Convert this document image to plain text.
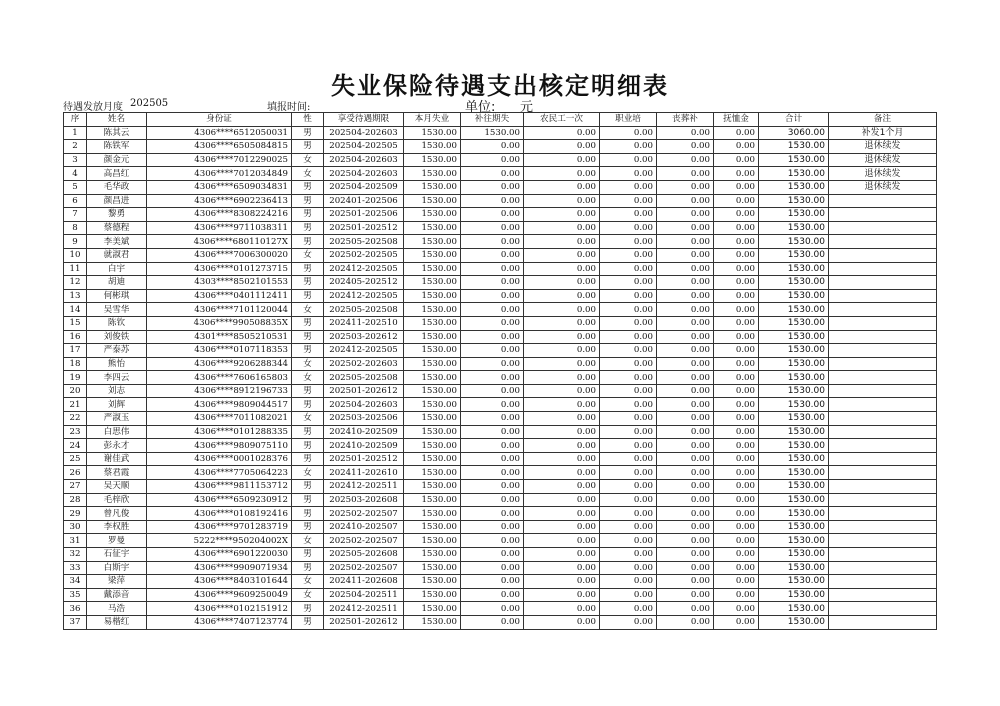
失业保险待遇支出核定明细表
待遇发放月度 202505	填报时间:	单位: 元
序	姓名	身份证	性	享受待遇期限	本月失业	补往期失	农民工一次	职业培	丧葬补	抚恤金	合计	备注
1	陈其云	4306****6512050031	男	202504-202603	1530.00	1530.00	0.00	0.00	0.00	0.00	3060.00	补发1个月
2	陈铁军	4306****6505084815	男	202504-202505	1530.00	0.00	0.00	0.00	0.00	0.00	1530.00	退休续发
3	颜金元	4306****7012290025	女	202504-202603	1530.00	0.00	0.00	0.00	0.00	0.00	1530.00	退休续发
4	高昌红	4306****7012034849	女	202504-202603	1530.00	0.00	0.00	0.00	0.00	0.00	1530.00	退休续发
5	毛华政	4306****6509034831	男	202504-202509	1530.00	0.00	0.00	0.00	0.00	0.00	1530.00	退休续发
6	颜昌进	4306****6902236413	男	202401-202506	1530.00	0.00	0.00	0.00	0.00	0.00	1530.00	
7	黎勇	4306****8308224216	男	202501-202506	1530.00	0.00	0.00	0.00	0.00	0.00	1530.00	
8	蔡德程	4306****9711038311	男	202501-202512	1530.00	0.00	0.00	0.00	0.00	0.00	1530.00	
9	李美斌	4306****680110127X	男	202505-202508	1530.00	0.00	0.00	0.00	0.00	0.00	1530.00	
10	就淑君	4306****7006300020	女	202502-202505	1530.00	0.00	0.00	0.00	0.00	0.00	1530.00	
11	白宇	4306****0101273715	男	202412-202505	1530.00	0.00	0.00	0.00	0.00	0.00	1530.00	
12	胡迪	4303****8502101553	男	202405-202512	1530.00	0.00	0.00	0.00	0.00	0.00	1530.00	
13	何彬琪	4306****0401112411	男	202412-202505	1530.00	0.00	0.00	0.00	0.00	0.00	1530.00	
14	吴雪华	4306****7101120044	女	202505-202508	1530.00	0.00	0.00	0.00	0.00	0.00	1530.00	
15	陈钦	4306****990508835X	男	202411-202510	1530.00	0.00	0.00	0.00	0.00	0.00	1530.00	
16	刘俊铁	4301****8505210531	男	202503-202612	1530.00	0.00	0.00	0.00	0.00	0.00	1530.00	
17	严泰苏	4306****0107118353	男	202412-202505	1530.00	0.00	0.00	0.00	0.00	0.00	1530.00	
18	熊怡	4306****9206288344	女	202502-202603	1530.00	0.00	0.00	0.00	0.00	0.00	1530.00	
19	李四云	4306****7606165803	女	202505-202508	1530.00	0.00	0.00	0.00	0.00	0.00	1530.00	
20	刘志	4306****8912196733	男	202501-202612	1530.00	0.00	0.00	0.00	0.00	0.00	1530.00	
21	刘辉	4306****9809044517	男	202504-202603	1530.00	0.00	0.00	0.00	0.00	0.00	1530.00	
22	严淑玉	4306****7011082021	女	202503-202506	1530.00	0.00	0.00	0.00	0.00	0.00	1530.00	
23	白思伟	4306****0101288335	男	202410-202509	1530.00	0.00	0.00	0.00	0.00	0.00	1530.00	
24	彭永才	4306****9809075110	男	202410-202509	1530.00	0.00	0.00	0.00	0.00	0.00	1530.00	
25	谢佳武	4306****0001028376	男	202501-202512	1530.00	0.00	0.00	0.00	0.00	0.00	1530.00	
26	蔡君霞	4306****7705064223	女	202411-202610	1530.00	0.00	0.00	0.00	0.00	0.00	1530.00	
27	吴天顺	4306****9811153712	男	202412-202511	1530.00	0.00	0.00	0.00	0.00	0.00	1530.00	
28	毛梓欣	4306****6509230912	男	202503-202608	1530.00	0.00	0.00	0.00	0.00	0.00	1530.00	
29	曾凡俊	4306****0108192416	男	202502-202507	1530.00	0.00	0.00	0.00	0.00	0.00	1530.00	
30	李权胜	4306****9701283719	男	202410-202507	1530.00	0.00	0.00	0.00	0.00	0.00	1530.00	
31	罗曼	5222****950204002X	女	202502-202507	1530.00	0.00	0.00	0.00	0.00	0.00	1530.00	
32	石征宇	4306****6901220030	男	202505-202608	1530.00	0.00	0.00	0.00	0.00	0.00	1530.00	
33	白斯宇	4306****9909071934	男	202502-202507	1530.00	0.00	0.00	0.00	0.00	0.00	1530.00	
34	梁萍	4306****8403101644	女	202411-202608	1530.00	0.00	0.00	0.00	0.00	0.00	1530.00	
35	戴添音	4306****9609250049	女	202504-202511	1530.00	0.00	0.00	0.00	0.00	0.00	1530.00	
36	马浩	4306****0102151912	男	202412-202511	1530.00	0.00	0.00	0.00	0.00	0.00	1530.00	
37	易楷红	4306****7407123774	男	202501-202612	1530.00	0.00	0.00	0.00	0.00	0.00	1530.00	
